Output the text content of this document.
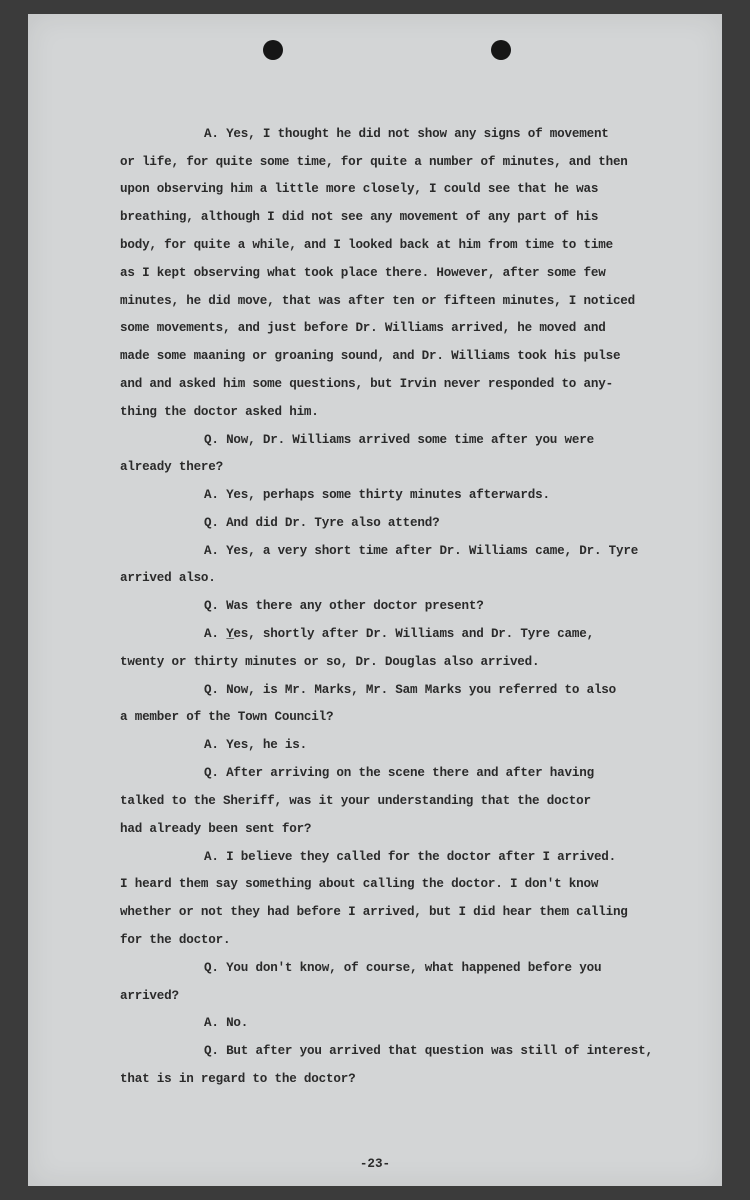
A. Yes, I thought he did not show any signs of movement
or life, for quite some time, for quite a number of minutes, and then
upon observing him a little more closely, I could see that he was
breathing, although I did not see any movement of any part of his
body, for quite a while, and I looked back at him from time to time
as I kept observing what took place there. However, after some few
minutes, he did move, that was after ten or fifteen minutes, I noticed
some movements, and just before Dr. Williams arrived, he moved and
made some maaning or groaning sound, and Dr. Williams took his pulse
and and asked him some questions, but Irvin never responded to any-
thing the doctor asked him.
Q. Now, Dr. Williams arrived some time after you were
already there?
A. Yes, perhaps some thirty minutes afterwards.
Q. And did Dr. Tyre also attend?
A. Yes, a very short time after Dr. Williams came, Dr. Tyre
arrived also.
Q. Was there any other doctor present?
A. Y̲es, shortly after Dr. Williams and Dr. Tyre came,
twenty or thirty minutes or so, Dr. Douglas also arrived.
Q. Now, is Mr. Marks, Mr. Sam Marks you referred to also
a member of the Town Council?
A. Yes, he is.
Q. After arriving on the scene there and after having
talked to the Sheriff, was it your understanding that the doctor
had already been sent for?
A. I believe they called for the doctor after I arrived.
I heard them say something about calling the doctor. I don't know
whether or not they had before I arrived, but I did hear them calling
for the doctor.
Q. You don't know, of course, what happened before you
arrived?
A. No.
Q. But after you arrived that question was still of interest,
that is in regard to the doctor?
-23-
